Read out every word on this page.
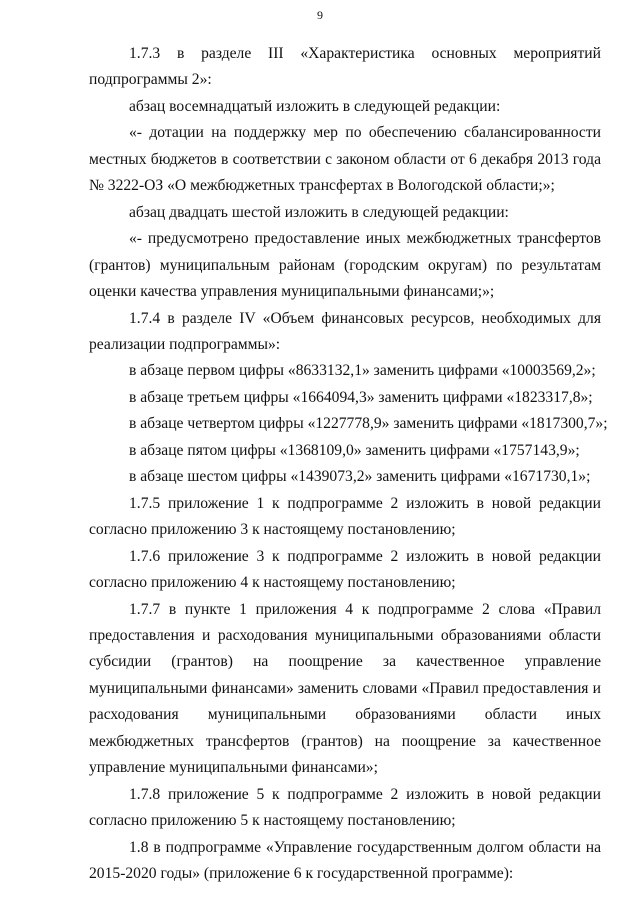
9

1.7.3 в разделе III «Характеристика основных мероприятий подпрограммы 2»:

абзац восемнадцатый изложить в следующей редакции:

«- дотации на поддержку мер по обеспечению сбалансированности местных бюджетов в соответствии с законом области от 6 декабря 2013 года № 3222-ОЗ «О межбюджетных трансфертах в Вологодской области;»;

абзац двадцать шестой изложить в следующей редакции:

«- предусмотрено предоставление иных межбюджетных трансфертов (грантов) муниципальным районам (городским округам) по результатам оценки качества управления муниципальными финансами;»;

1.7.4 в разделе IV «Объем финансовых ресурсов, необходимых для реализации подпрограммы»:

в абзаце первом цифры «8633132,1» заменить цифрами «10003569,2»;

в абзаце третьем цифры «1664094,3» заменить цифрами «1823317,8»;

в абзаце четвертом цифры «1227778,9» заменить цифрами «1817300,7»;

в абзаце пятом цифры «1368109,0» заменить цифрами «1757143,9»;

в абзаце шестом цифры «1439073,2» заменить цифрами «1671730,1»;

1.7.5 приложение 1 к подпрограмме 2 изложить в новой редакции согласно приложению 3 к настоящему постановлению;

1.7.6 приложение 3 к подпрограмме 2 изложить в новой редакции согласно приложению 4 к настоящему постановлению;

1.7.7 в пункте 1 приложения 4 к подпрограмме 2 слова «Правил предоставления и расходования муниципальными образованиями области субсидии (грантов) на поощрение за качественное управление муниципальными финансами» заменить словами «Правил предоставления и расходования муниципальными образованиями области иных межбюджетных трансфертов (грантов) на поощрение за качественное управление муниципальными финансами»;

1.7.8 приложение 5 к подпрограмме 2 изложить в новой редакции согласно приложению 5 к настоящему постановлению;

1.8 в подпрограмме «Управление государственным долгом области на 2015-2020 годы» (приложение 6 к государственной программе):
